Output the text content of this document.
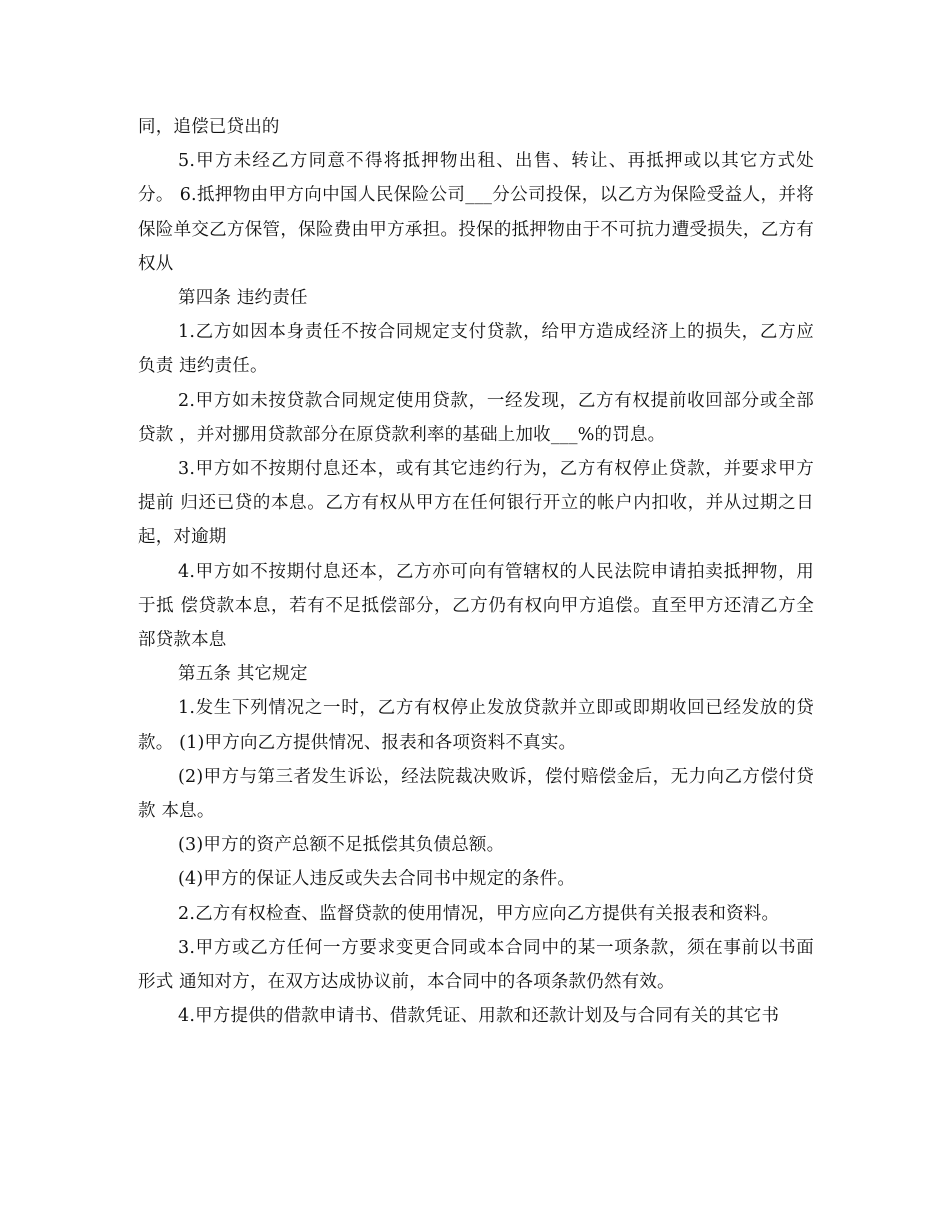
同，追偿已贷出的

5.甲方未经乙方同意不得将抵押物出租、出售、转让、再抵押或以其它方式处分。 6.抵押物由甲方向中国人民保险公司___分公司投保，以乙方为保险受益人，并将 保险单交乙方保管，保险费由甲方承担。投保的抵押物由于不可抗力遭受损失，乙方有权从

第四条 违约责任

1.乙方如因本身责任不按合同规定支付贷款，给甲方造成经济上的损失，乙方应负责 违约责任。

2.甲方如未按贷款合同规定使用贷款，一经发现，乙方有权提前收回部分或全部贷款 ，并对挪用贷款部分在原贷款利率的基础上加收___%的罚息。

3.甲方如不按期付息还本，或有其它违约行为，乙方有权停止贷款，并要求甲方提前 归还已贷的本息。乙方有权从甲方在任何银行开立的帐户内扣收，并从过期之日起，对逾期

4.甲方如不按期付息还本，乙方亦可向有管辖权的人民法院申请拍卖抵押物，用于抵 偿贷款本息，若有不足抵偿部分，乙方仍有权向甲方追偿。直至甲方还清乙方全部贷款本息

第五条 其它规定

1.发生下列情况之一时，乙方有权停止发放贷款并立即或即期收回已经发放的贷款。 (1)甲方向乙方提供情况、报表和各项资料不真实。

(2)甲方与第三者发生诉讼，经法院裁决败诉，偿付赔偿金后，无力向乙方偿付贷款 本息。

(3)甲方的资产总额不足抵偿其负债总额。

(4)甲方的保证人违反或失去合同书中规定的条件。

2.乙方有权检查、监督贷款的使用情况，甲方应向乙方提供有关报表和资料。

3.甲方或乙方任何一方要求变更合同或本合同中的某一项条款，须在事前以书面形式 通知对方，在双方达成协议前，本合同中的各项条款仍然有效。

4.甲方提供的借款申请书、借款凭证、用款和还款计划及与合同有关的其它书
